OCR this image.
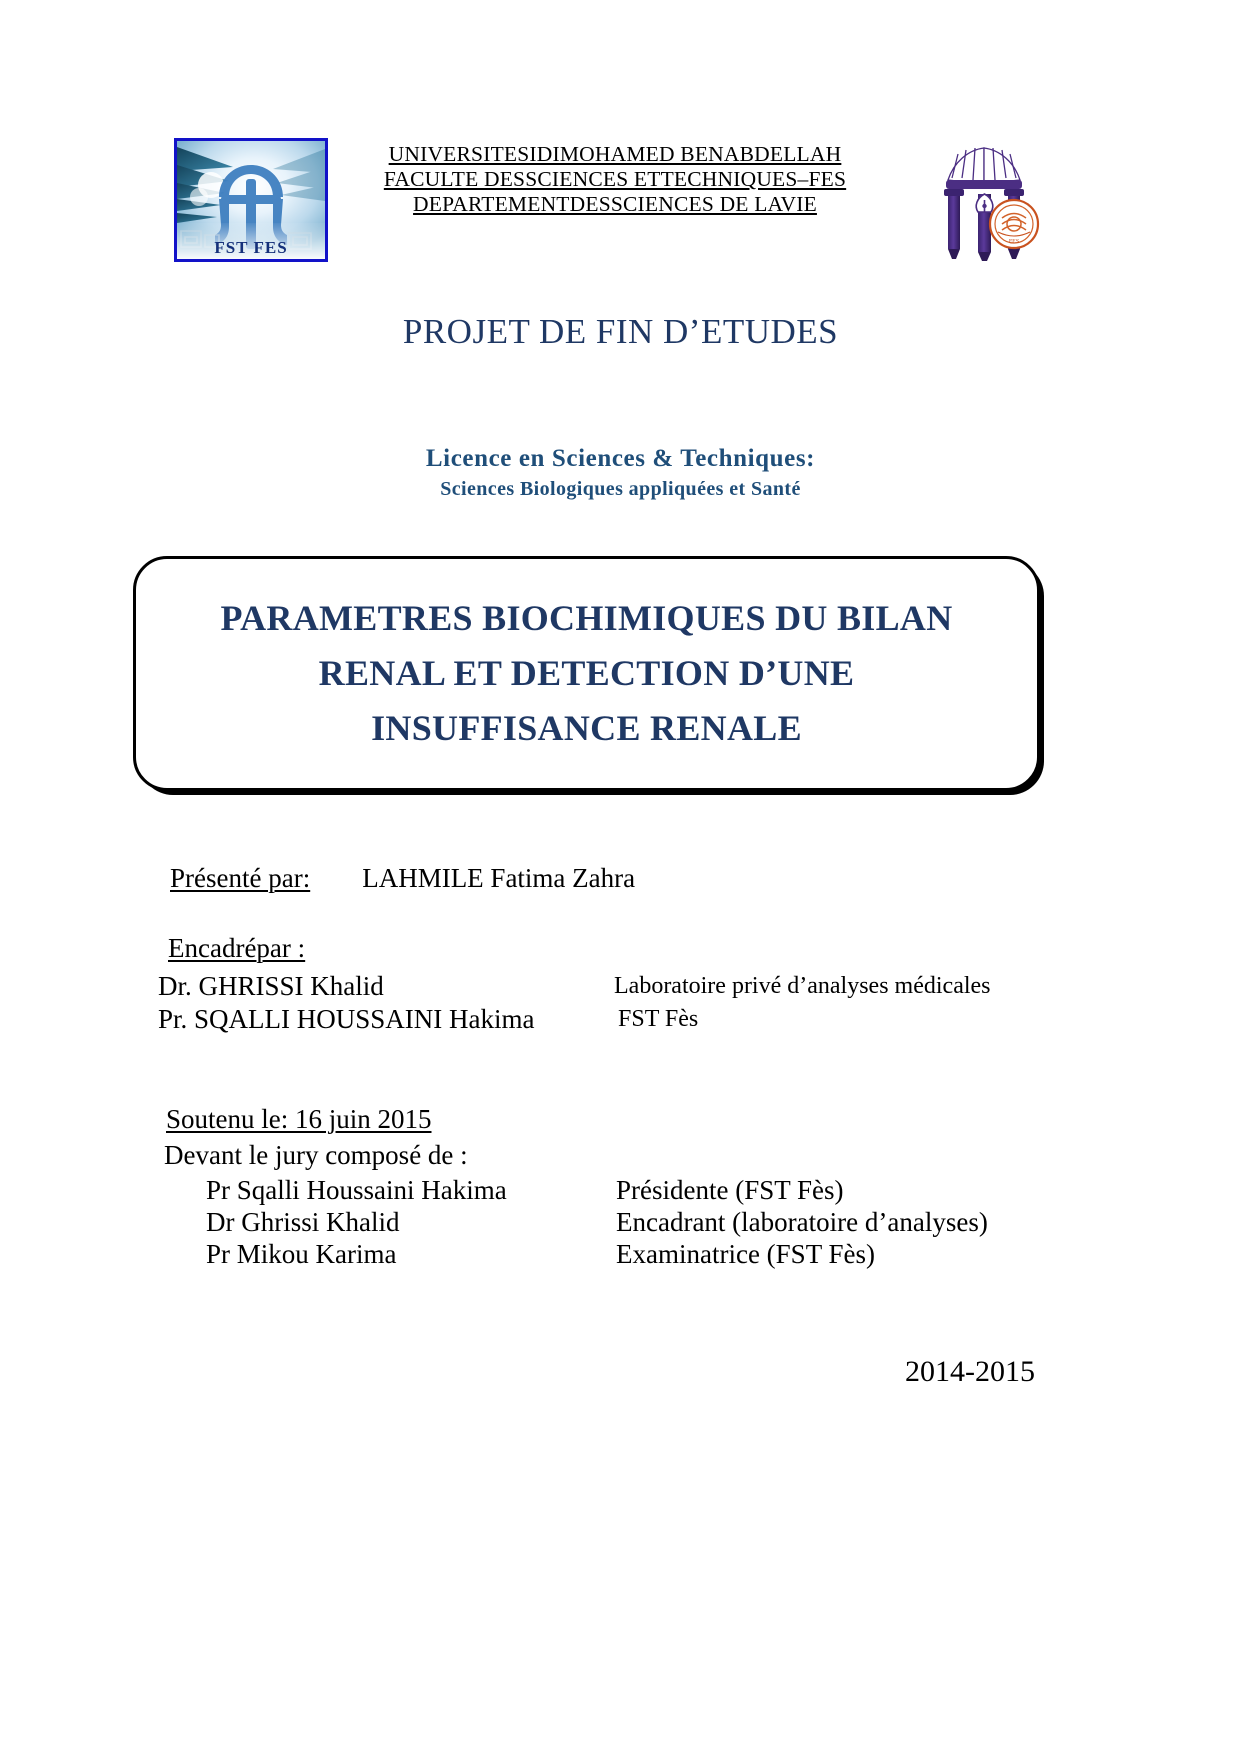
FST FES
UNIVERSITESIDIMOHAMED BENABDELLAH
FACULTE DESSCIENCES ETTECHNIQUES–FES
DEPARTEMENTDESSCIENCES DE LAVIE
FES
PROJET DE FIN D’ETUDES
Licence en Sciences & Techniques:
Sciences Biologiques appliquées et Santé
PARAMETRES BIOCHIMIQUES DU BILAN
RENAL ET DETECTION D’UNE
INSUFFISANCE RENALE
Présenté par: LAHMILE Fatima Zahra
Encadrépar :
Dr. GHRISSI Khalid	Laboratoire privé d’analyses médicales
Pr. SQALLI HOUSSAINI Hakima	FST Fès
Soutenu le: 16 juin 2015
Devant le jury composé de :
Pr Sqalli Houssaini Hakima	Présidente (FST Fès)
Dr Ghrissi Khalid	Encadrant (laboratoire d’analyses)
Pr Mikou Karima	Examinatrice (FST Fès)
2014-2015
